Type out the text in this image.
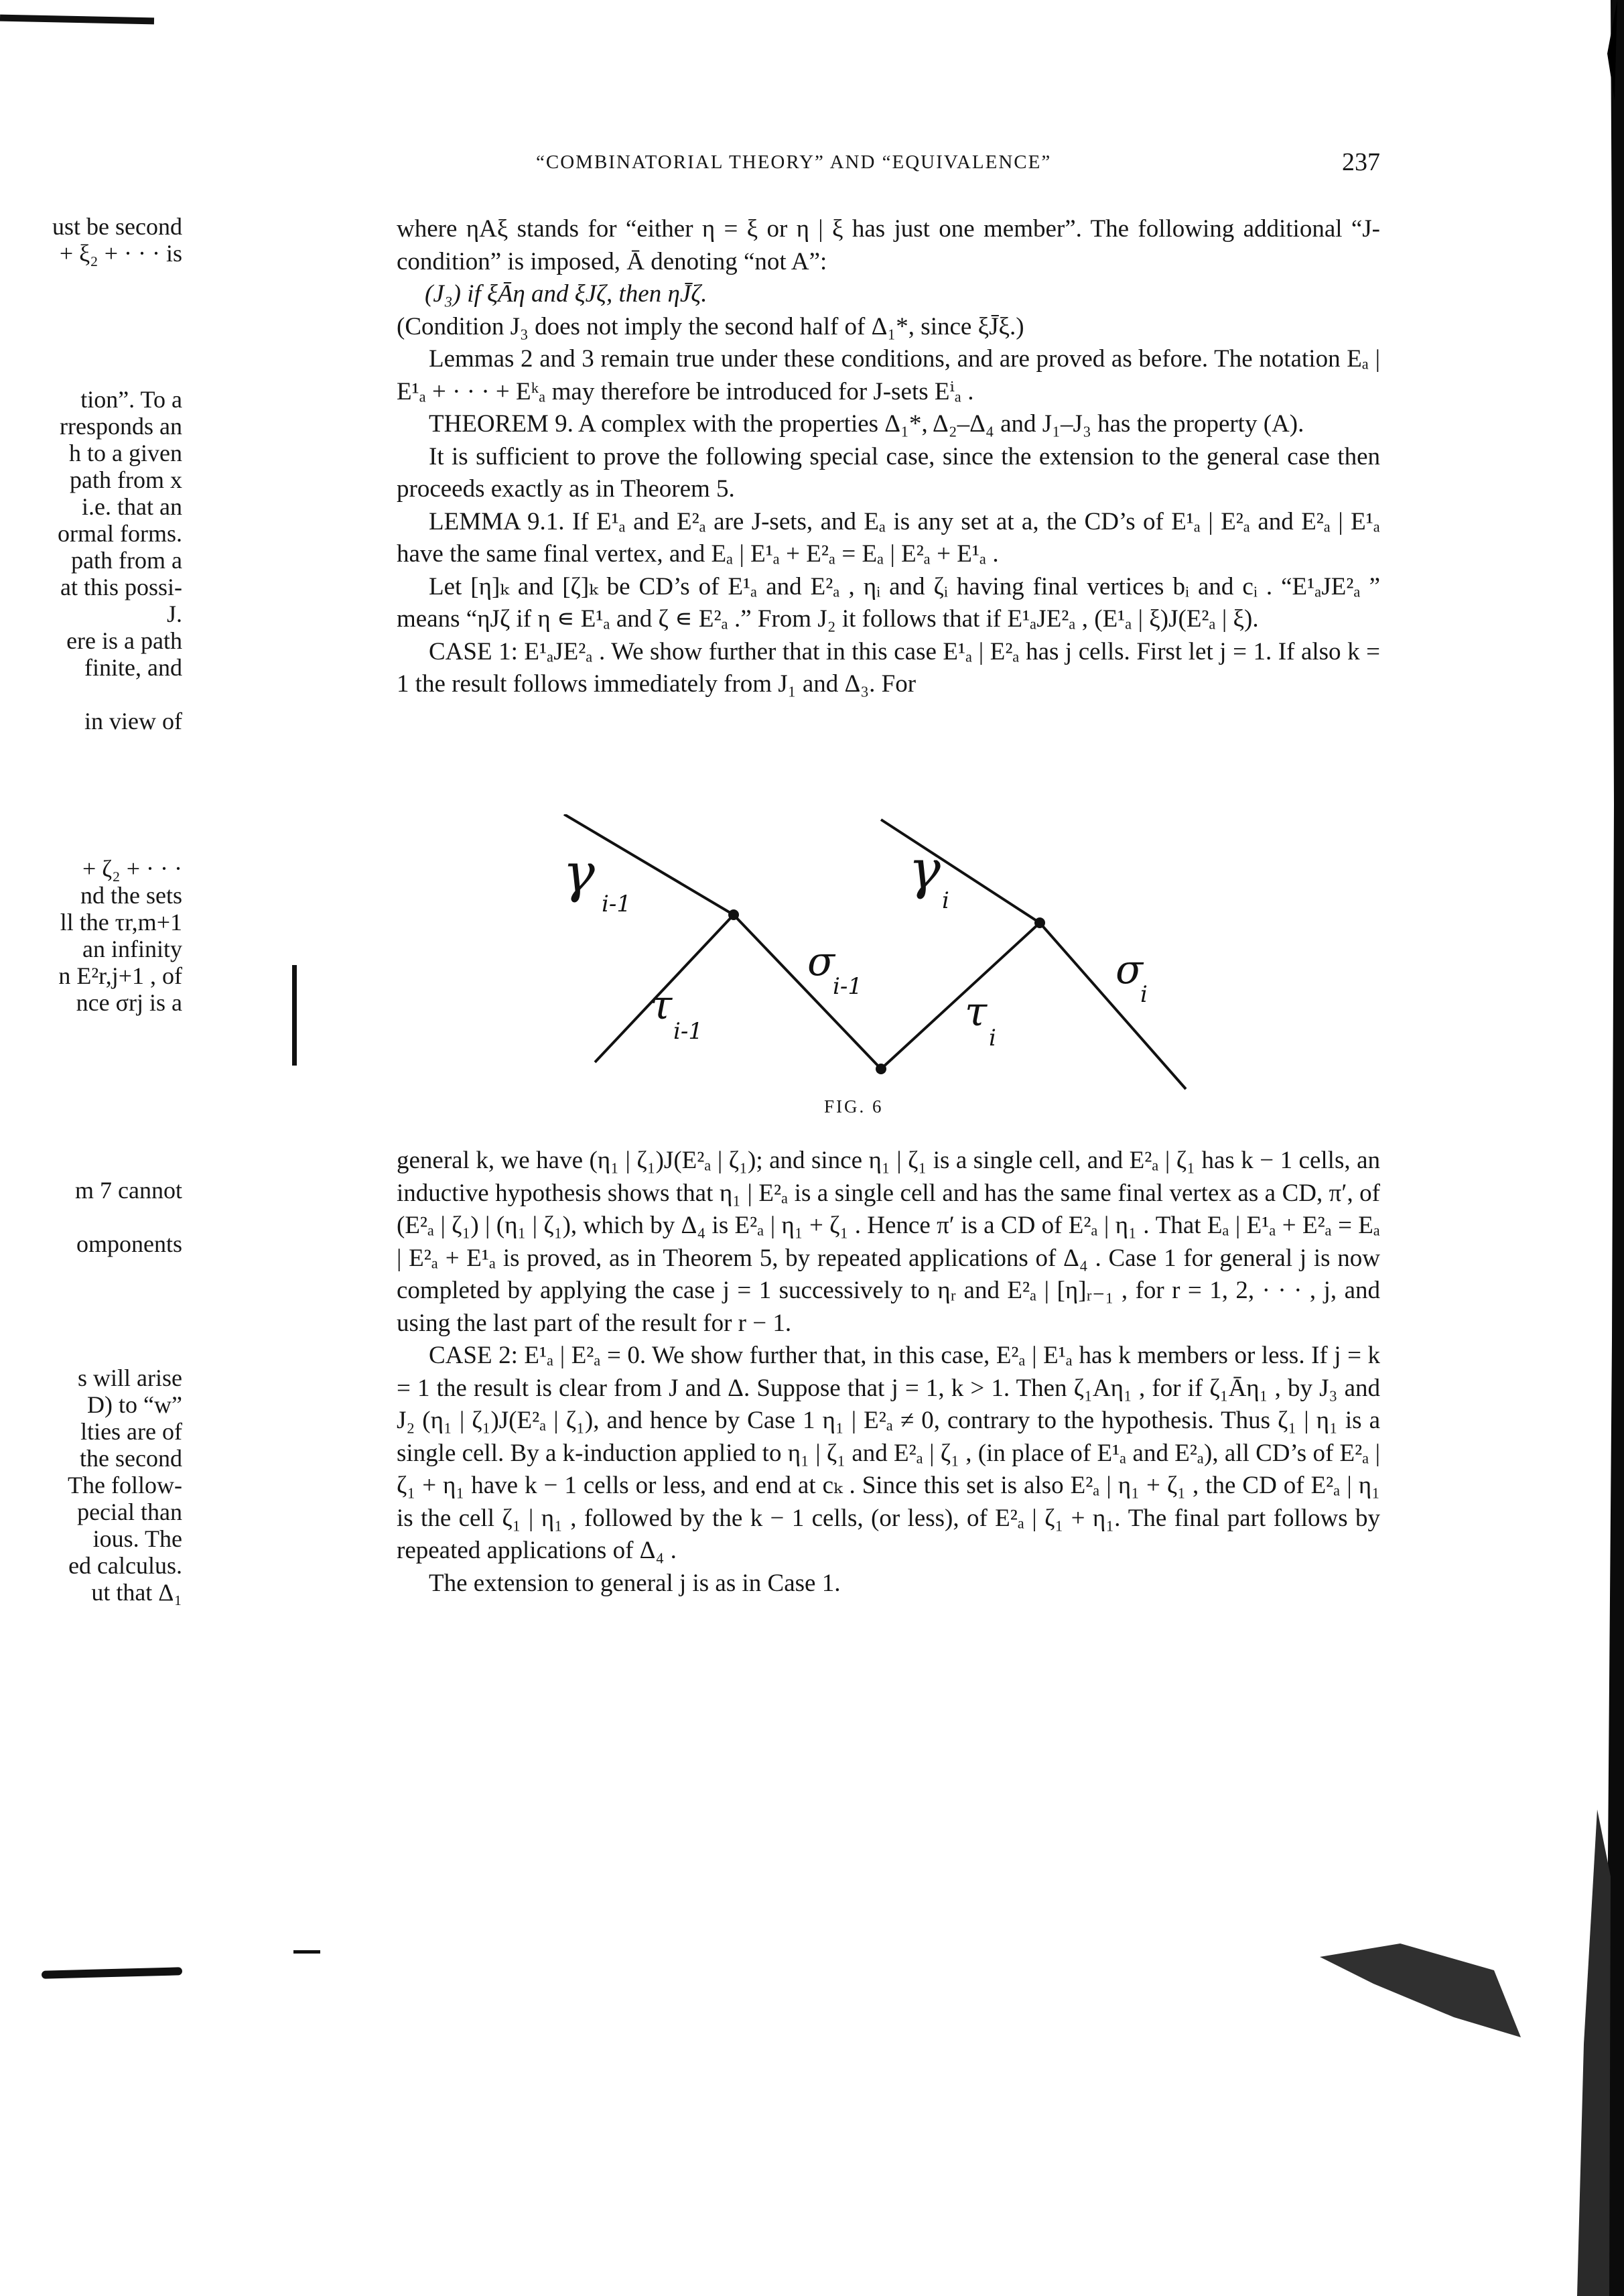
“COMBINATORIAL THEORY” AND “EQUIVALENCE”	237
ust be second
+ ξ₂ + · · · is
tion”. To a
rresponds an
h to a given
path from x
i.e. that an
ormal forms.
path from a
at this possi-
J.
ere is a path
finite, and
in view of
+ ζ₂ + · · ·
nd the sets
ll the τr,m+1
an infinity
n E²r,j+1 , of
nce σrj is a
m 7 cannot
omponents
s will arise
D) to “w”
lties are of
the second
The follow-
pecial than
ious. The
ed calculus.
ut that Δ₁

where ηAξ stands for “either η = ξ or η | ξ has just one member”. The following additional “J-condition” is imposed, Ā denoting “not A”:

(J₃) if ξĀη and ξJζ, then ηJ̄ζ.

(Condition J₃ does not imply the second half of Δ₁*, since ξJ̄ξ.)

Lemmas 2 and 3 remain true under these conditions, and are proved as before. The notation Eₐ | E¹ₐ + · · · + Eᵏₐ may therefore be introduced for J-sets Eⁱₐ .

THEOREM 9. A complex with the properties Δ₁*, Δ₂–Δ₄ and J₁–J₃ has the property (A).

It is sufficient to prove the following special case, since the extension to the general case then proceeds exactly as in Theorem 5.

LEMMA 9.1. If E¹ₐ and E²ₐ are J-sets, and Eₐ is any set at a, the CD’s of E¹ₐ | E²ₐ and E²ₐ | E¹ₐ have the same final vertex, and Eₐ | E¹ₐ + E²ₐ = Eₐ | E²ₐ + E¹ₐ .

Let [η]ₖ and [ζ]ₖ be CD’s of E¹ₐ and E²ₐ , ηᵢ and ζᵢ having final vertices bᵢ and cᵢ . “E¹ₐJE²ₐ ” means “ηJζ if η ∊ E¹ₐ and ζ ∊ E²ₐ .” From J₂ it follows that if E¹ₐJE²ₐ , (E¹ₐ | ξ)J(E²ₐ | ξ).

CASE 1: E¹ₐJE²ₐ . We show further that in this case E¹ₐ | E²ₐ has j cells. First let j = 1. If also k = 1 the result follows immediately from J₁ and Δ₃. For

γ i-1
γ i
σ
i-1	σ
i
τ
i-1	τ
i
FIG. 6

general k, we have (η₁ | ζ₁)J(E²ₐ | ζ₁); and since η₁ | ζ₁ is a single cell, and E²ₐ | ζ₁ has k − 1 cells, an inductive hypothesis shows that η₁ | E²ₐ is a single cell and has the same final vertex as a CD, π′, of (E²ₐ | ζ₁) | (η₁ | ζ₁), which by Δ₄ is E²ₐ | η₁ + ζ₁ . Hence π′ is a CD of E²ₐ | η₁ . That Eₐ | E¹ₐ + E²ₐ = Eₐ | E²ₐ + E¹ₐ is proved, as in Theorem 5, by repeated applications of Δ₄ . Case 1 for general j is now completed by applying the case j = 1 successively to ηᵣ and E²ₐ | [η]ᵣ₋₁ , for r = 1, 2, · · · , j, and using the last part of the result for r − 1.

CASE 2: E¹ₐ | E²ₐ = 0. We show further that, in this case, E²ₐ | E¹ₐ has k members or less. If j = k = 1 the result is clear from J and Δ. Suppose that j = 1, k > 1. Then ζ₁Aη₁ , for if ζ₁Āη₁ , by J₃ and J₂ (η₁ | ζ₁)J(E²ₐ | ζ₁), and hence by Case 1 η₁ | E²ₐ ≠ 0, contrary to the hypothesis. Thus ζ₁ | η₁ is a single cell. By a k-induction applied to η₁ | ζ₁ and E²ₐ | ζ₁ , (in place of E¹ₐ and E²ₐ), all CD’s of E²ₐ | ζ₁ + η₁ have k − 1 cells or less, and end at cₖ . Since this set is also E²ₐ | η₁ + ζ₁ , the CD of E²ₐ | η₁ is the cell ζ₁ | η₁ , followed by the k − 1 cells, (or less), of E²ₐ | ζ₁ + η₁. The final part follows by repeated applications of Δ₄ .

The extension to general j is as in Case 1.
